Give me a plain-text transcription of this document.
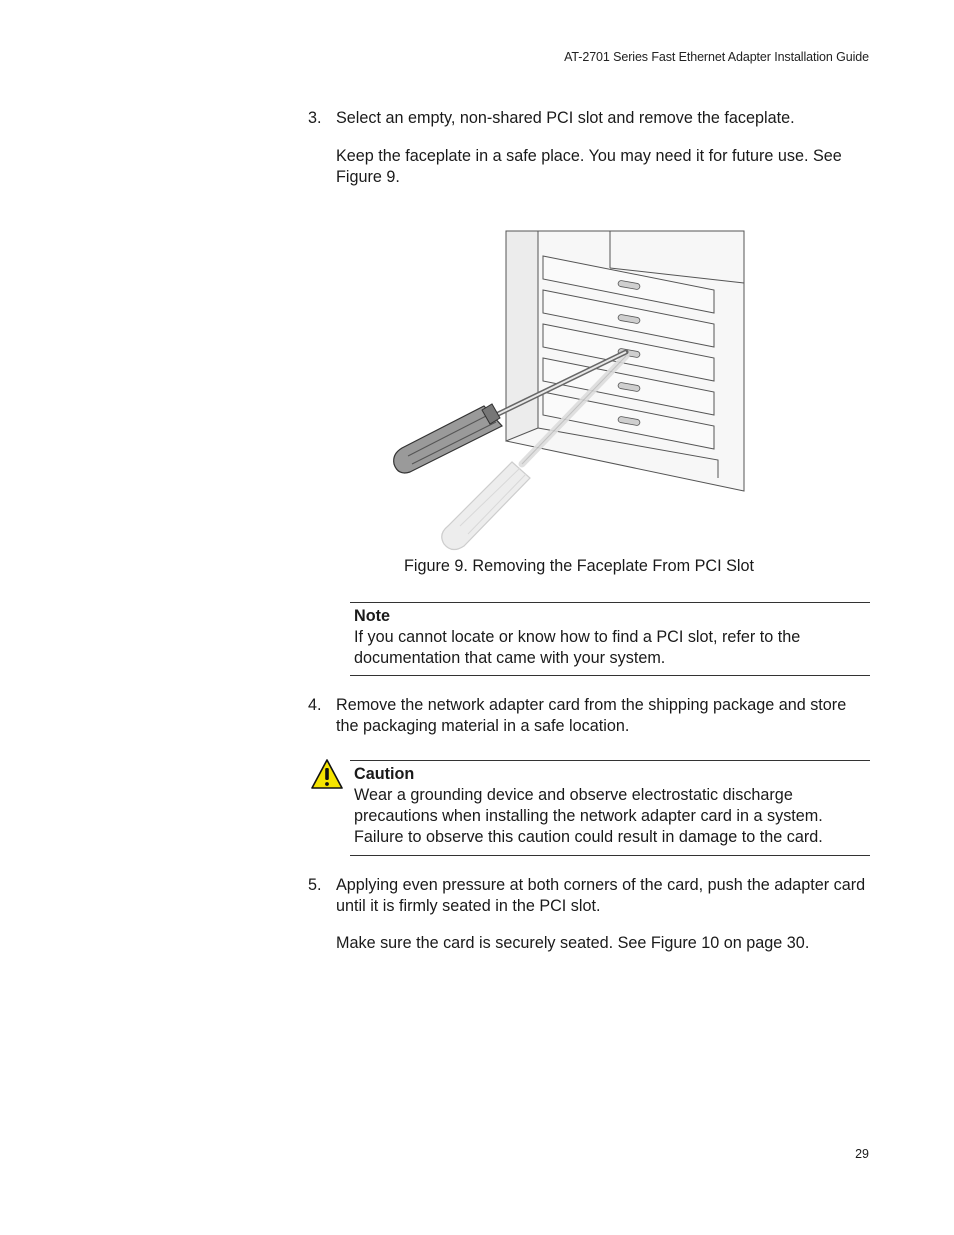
AT-2701 Series Fast Ethernet Adapter Installation Guide
3. Select an empty, non-shared PCI slot and remove the faceplate.
Keep the faceplate in a safe place. You may need it for future use. See Figure 9.
Figure 9. Removing the Faceplate From PCI Slot
Note
If you cannot locate or know how to find a PCI slot, refer to the documentation that came with your system.
4. Remove the network adapter card from the shipping package and store the packaging material in a safe location.
Caution
Wear a grounding device and observe electrostatic discharge precautions when installing the network adapter card in a system. Failure to observe this caution could result in damage to the card.
5. Applying even pressure at both corners of the card, push the adapter card until it is firmly seated in the PCI slot.
Make sure the card is securely seated. See Figure 10 on page 30.
29
